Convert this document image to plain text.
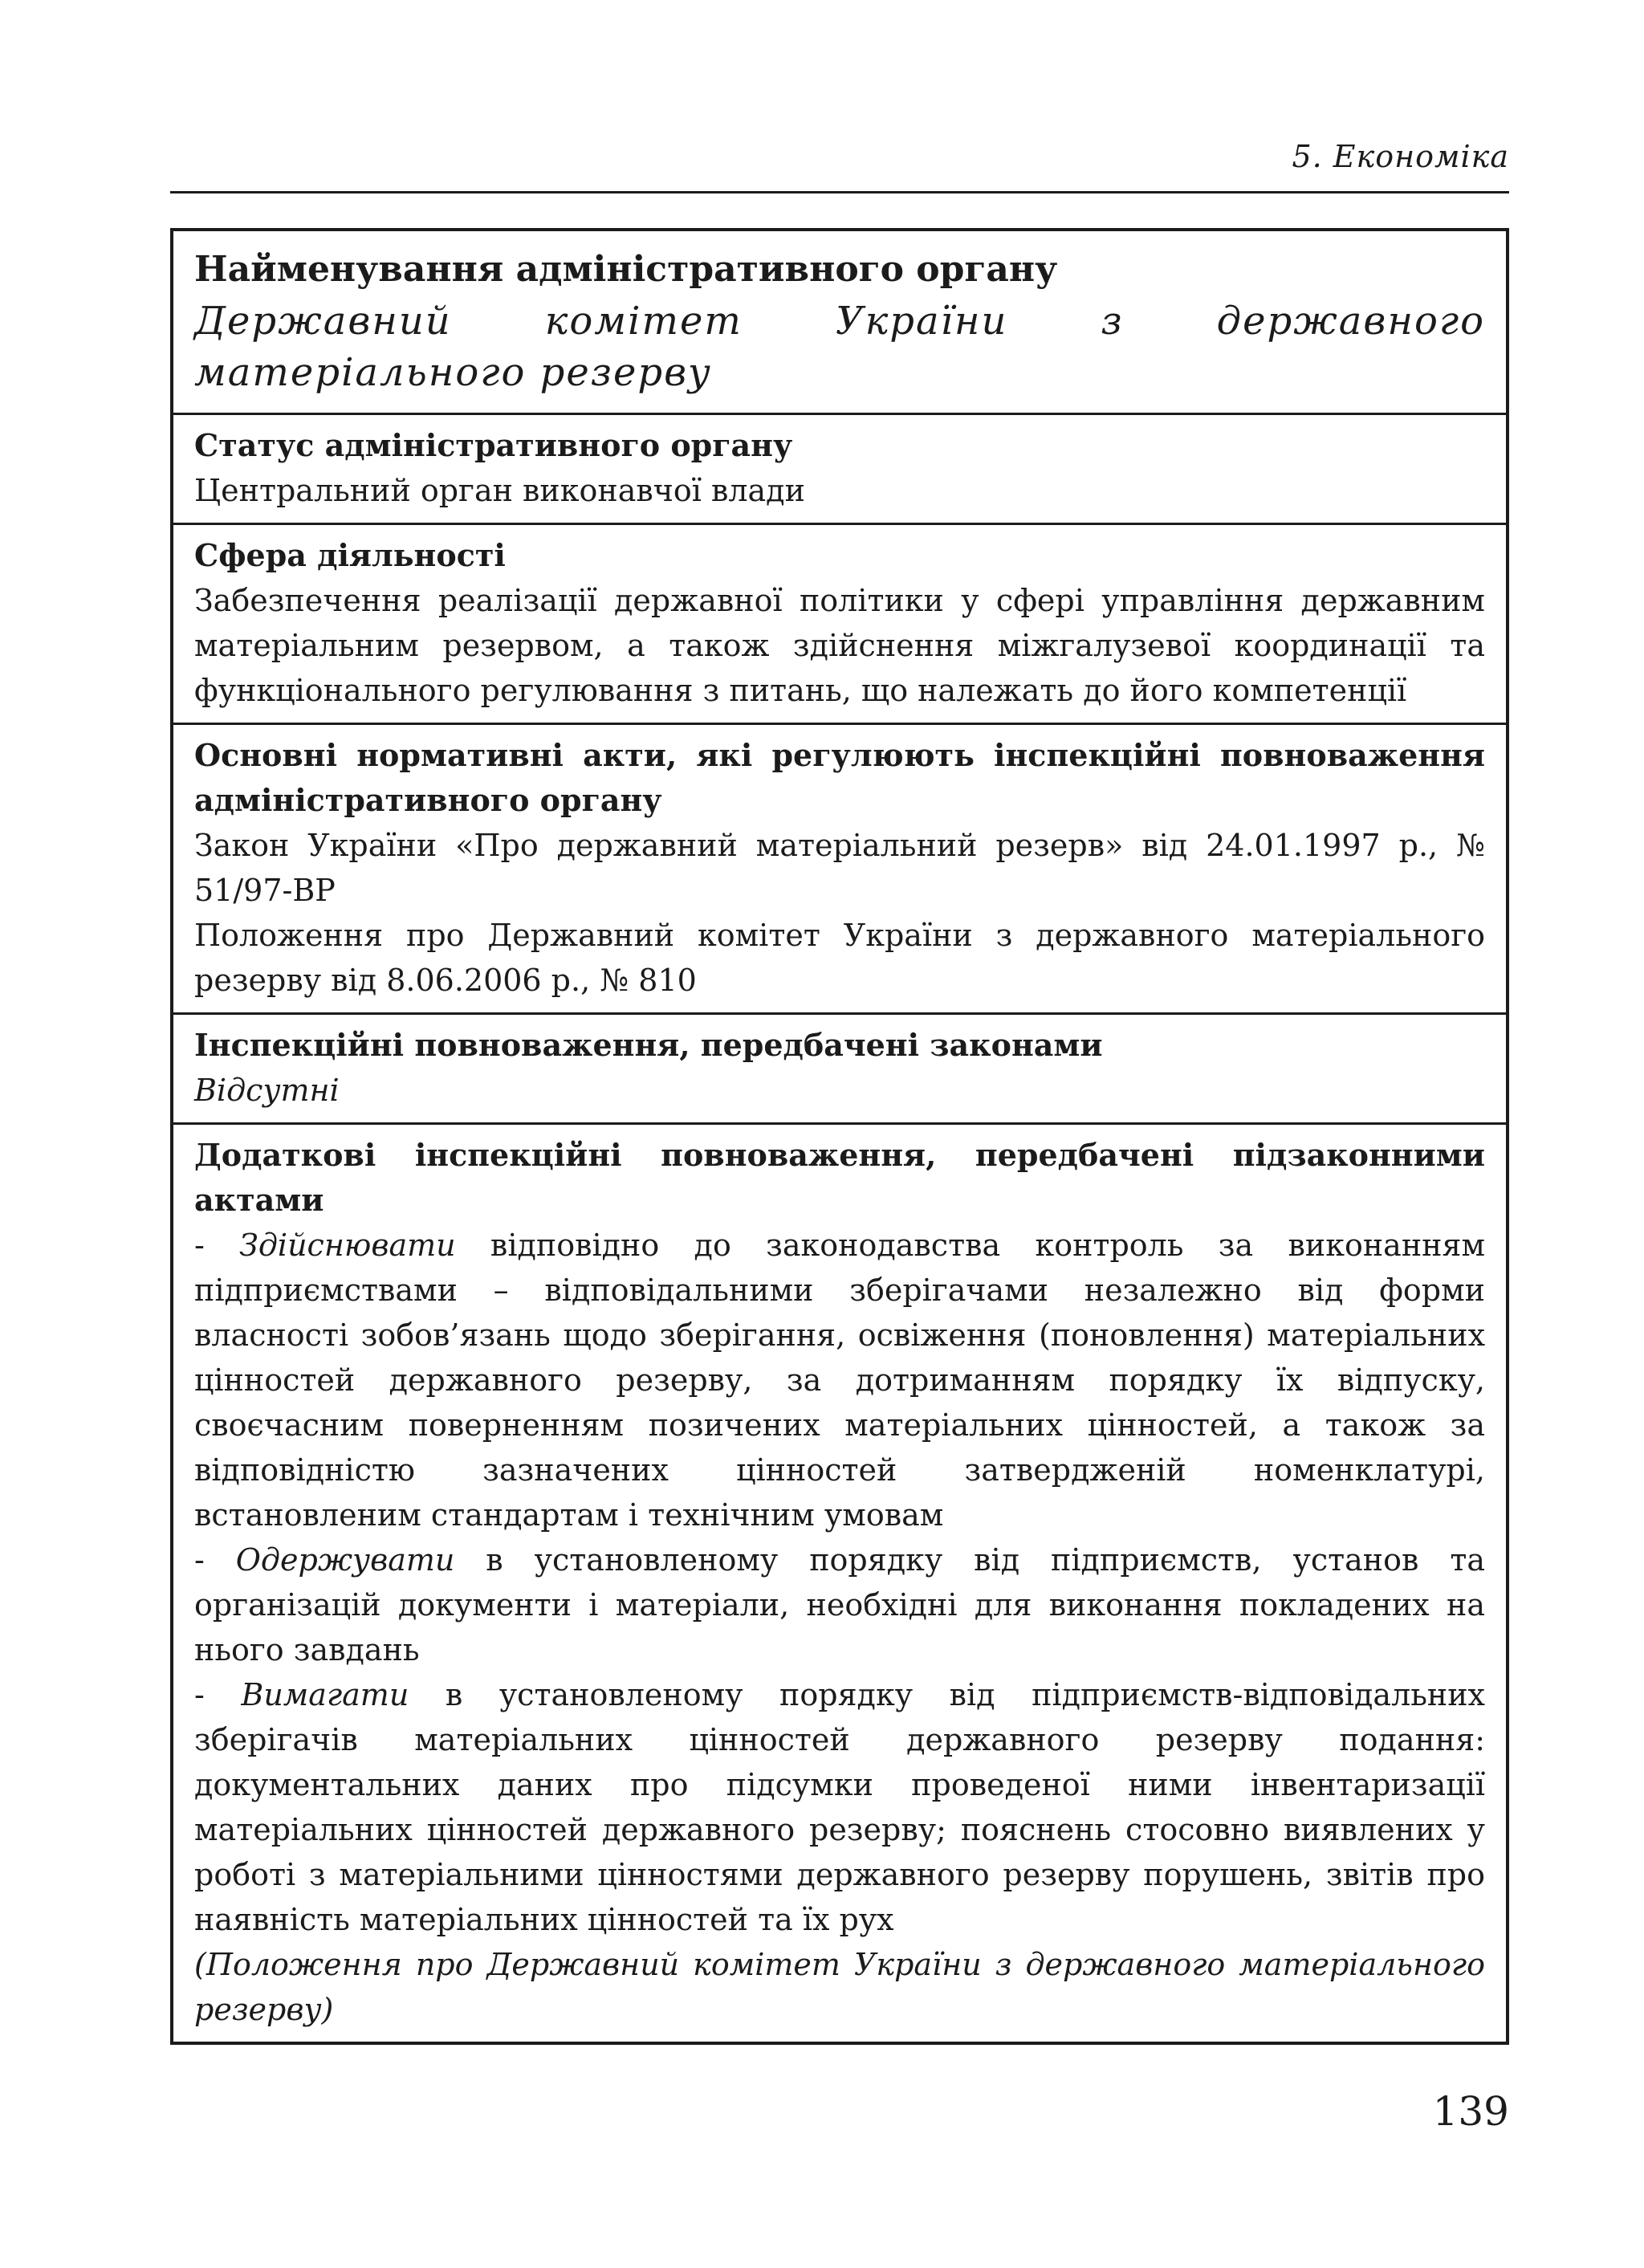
5. Економіка
Найменування адміністративного органу
Державний комітет України з державного матеріального резерву
Статус адміністративного органу
Центральний орган виконавчої влади
Сфера діяльності
Забезпечення реалізації державної політики у сфері управління державним матеріальним резервом, а також здійснення міжгалузевої координації та функціонального регулювання з питань, що належать до його компетенції
Основні нормативні акти, які регулюють інспекційні повноваження адміністративного органу
Закон України «Про державний матеріальний резерв» від 24.01.1997 р., № 51/97-ВР
Положення про Державний комітет України з державного матеріального резерву від 8.06.2006 р., № 810
Інспекційні повноваження, передбачені законами
Відсутні
Додаткові інспекційні повноваження, передбачені підзаконними актами
- Здійснювати відповідно до законодавства контроль за виконанням підприємствами – відповідальними зберігачами незалежно від форми власності зобов’язань щодо зберігання, освіження (поновлення) матеріальних цінностей державного резерву, за дотриманням порядку їх відпуску, своєчасним поверненням позичених матеріальних цінностей, а також за відповідністю зазначених цінностей затвердженій номенклатурі, встановленим стандартам і технічним умовам
- Одержувати в установленому порядку від підприємств, установ та організацій документи і матеріали, необхідні для виконання покладених на нього завдань
- Вимагати в установленому порядку від підприємств-відповідальних зберігачів матеріальних цінностей державного резерву подання: документальних даних про підсумки проведеної ними інвентаризації матеріальних цінностей державного резерву; пояснень стосовно виявлених у роботі з матеріальними цінностями державного резерву порушень, звітів про наявність матеріальних цінностей та їх рух
(Положення про Державний комітет України з державного матеріального резерву)
139
